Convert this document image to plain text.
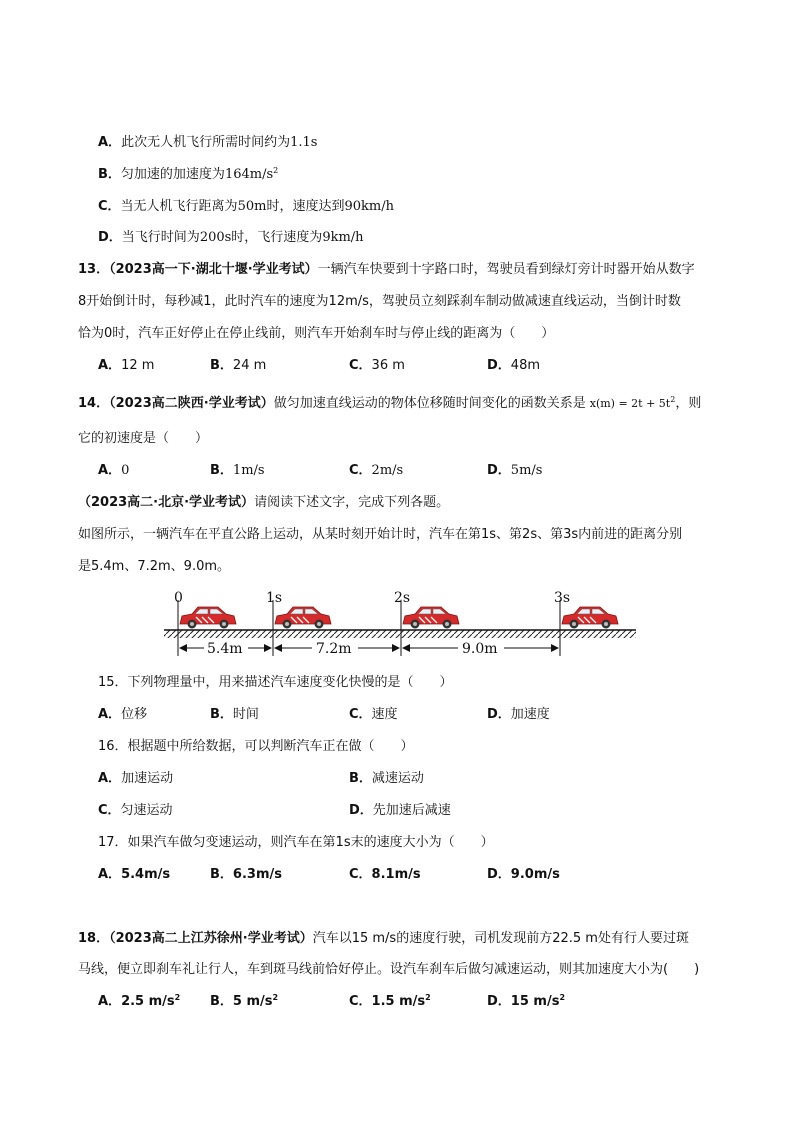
A．此次无人机飞行所需时间约为1.1s
B．匀加速的加速度为$164m/s^2$
C．当无人机飞行距离为50m时，速度达到90km/h
D．当飞行时间为200s时，飞行速度为9km/h
13．（2023高一下·湖北十堰·学业考试）一辆汽车快要到十字路口时，驾驶员看到绿灯旁计时器开始从数字
8开始倒计时，每秒减1，此时汽车的速度为12m/s，驾驶员立刻踩刹车制动做减速直线运动，当倒计时数
恰为0时，汽车正好停止在停止线前，则汽车开始刹车时与停止线的距离为（　　）
A．12 m	B．24 m	C．36 m	D．48m
14．（2023高二陕西·学业考试）做匀加速直线运动的物体位移随时间变化的函数关系是 $x(m) = 2t + 5t^2$，则
它的初速度是（　　）
A．0	B．1m/s	C．2m/s	D．5m/s
（2023高二·北京·学业考试）请阅读下述文字，完成下列各题。
如图所示，一辆汽车在平直公路上运动，从某时刻开始计时，汽车在第1s、第2s、第3s内前进的距离分别
是5.4m、7.2m、9.0m。
0	1s	2s	3s
5.4m	7.2m	9.0m
15．下列物理量中，用来描述汽车速度变化快慢的是（　　）
A．位移	B．时间	C．速度	D．加速度
16．根据题中所给数据，可以判断汽车正在做（　　）
A．加速运动	B．减速运动
C．匀速运动	D．先加速后减速
17．如果汽车做匀变速运动，则汽车在第1s末的速度大小为（　　）
A．5.4m/s	B．6.3m/s	C．8.1m/s	D．9.0m/s
18．（2023高二上江苏徐州·学业考试）汽车以15 m/s的速度行驶，司机发现前方22.5 m处有行人要过斑
马线，便立即刹车礼让行人，车到斑马线前恰好停止。设汽车刹车后做匀减速运动，则其加速度大小为(　　)
A．2.5 $m/s^2$ B．5 $m/s^2$	C．1.5 $m/s^2$	D．15 $m/s^2$
